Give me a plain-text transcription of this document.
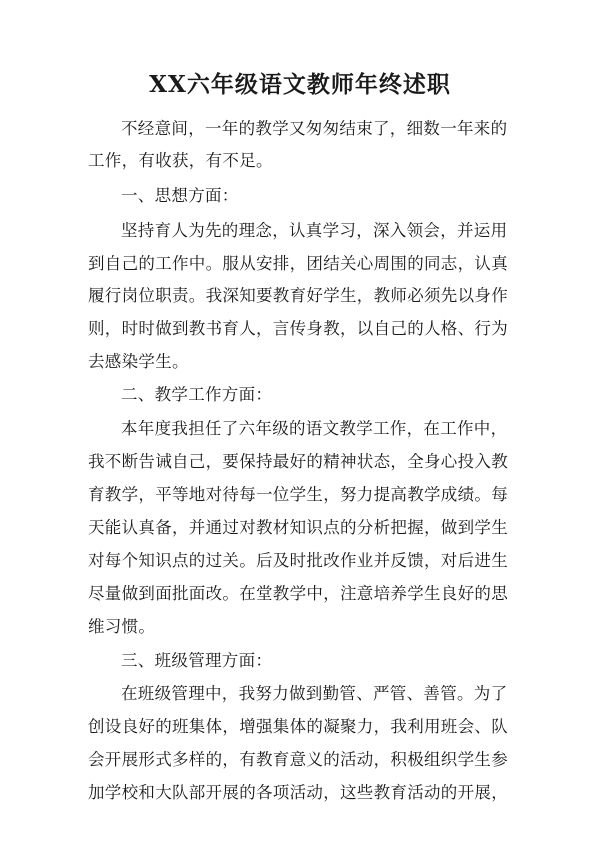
XX六年级语文教师年终述职
不经意间，一年的教学又匆匆结束了，细数一年来的
工作，有收获，有不足。
一、思想方面：
坚持育人为先的理念，认真学习，深入领会，并运用
到自己的工作中。服从安排，团结关心周围的同志，认真
履行岗位职责。我深知要教育好学生，教师必须先以身作
则，时时做到教书育人，言传身教，以自己的人格、行为
去感染学生。
二、教学工作方面：
本年度我担任了六年级的语文教学工作，在工作中，
我不断告诫自己，要保持最好的精神状态，全身心投入教
育教学，平等地对待每一位学生，努力提高教学成绩。每
天能认真备，并通过对教材知识点的分析把握，做到学生
对每个知识点的过关。后及时批改作业并反馈，对后进生
尽量做到面批面改。在堂教学中，注意培养学生良好的思
维习惯。
三、班级管理方面：
在班级管理中，我努力做到勤管、严管、善管。为了
创设良好的班集体，增强集体的凝聚力，我利用班会、队
会开展形式多样的，有教育意义的活动，积极组织学生参
加学校和大队部开展的各项活动，这些教育活动的开展，
